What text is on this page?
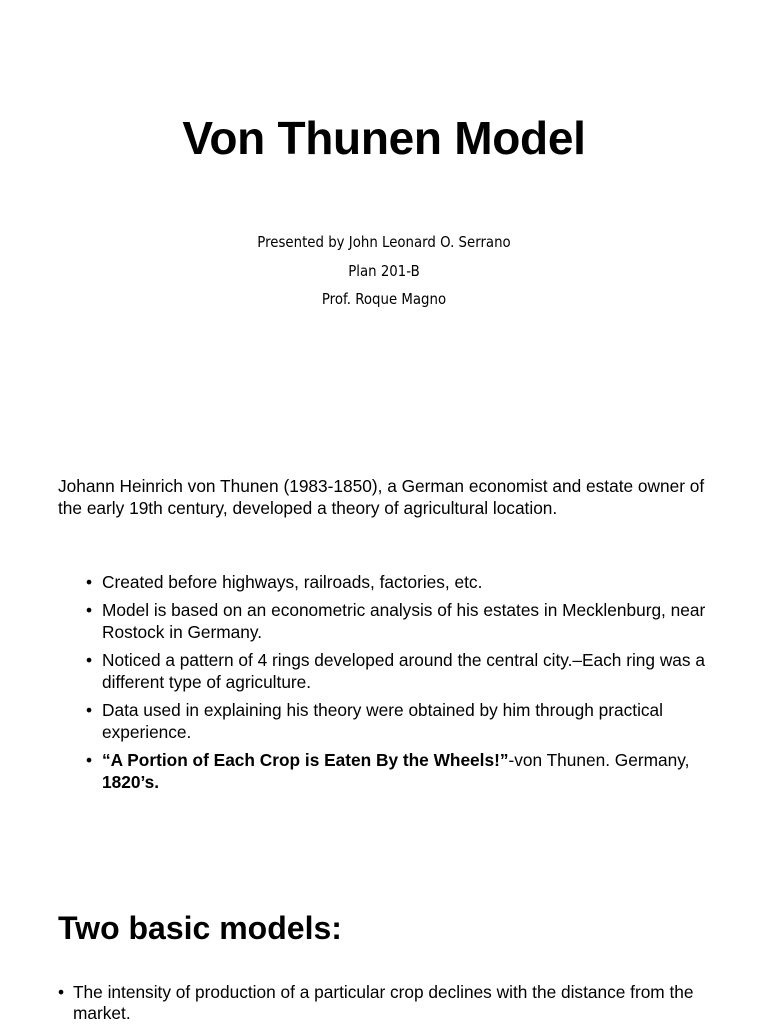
Von Thunen Model
Presented by John Leonard O. Serrano
Plan 201-B
Prof. Roque Magno

Johann Heinrich von Thunen (1983-1850), a German economist and estate owner of the early 19th century, developed a theory of agricultural location.

• Created before highways, railroads, factories, etc.
• Model is based on an econometric analysis of his estates in Mecklenburg, near Rostock in Germany.
• Noticed a pattern of 4 rings developed around the central city.–Each ring was a different type of agriculture.
• Data used in explaining his theory were obtained by him through practical experience.
• “A Portion of Each Crop is Eaten By the Wheels!”-von Thunen. Germany, 1820’s.
Two basic models:
• The intensity of production of a particular crop declines with the distance from the market.
